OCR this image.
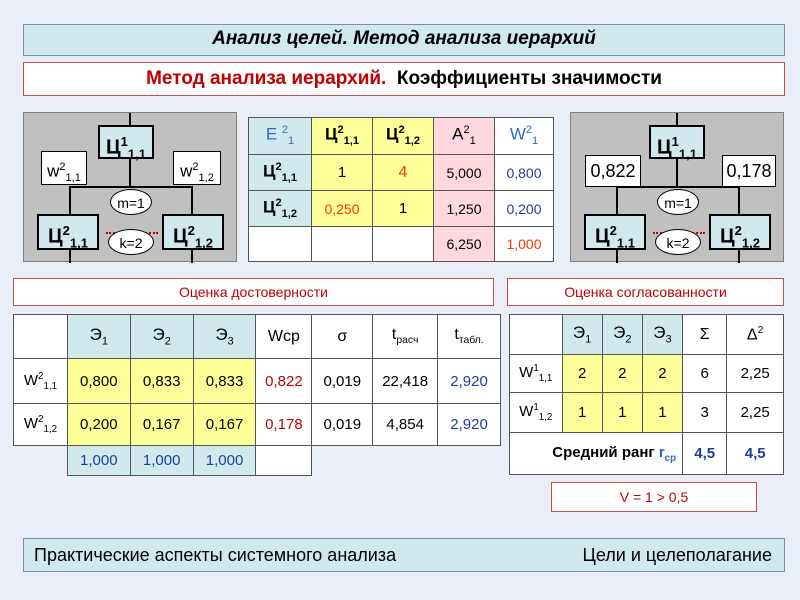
Анализ целей. Метод анализа иерархий
Метод анализа иерархий. Коэффициенты значимости
$Ц^1_{1,1}$
$w^2_{1,1}$	$w^2_{1,2}$
m=1
k=2
$Ц^2_{1,1}$	$Ц^2_{1,2}$
$Ц^1_{1,1}$
0,822	0,178
m=1
k=2
$Ц^2_{1,1}$	$Ц^2_{1,2}$
E $^2_1$	$Ц^2_{1,1}$	$Ц^2_{1,2}$	$A^2_1$	$W^2_1$
$Ц^2_{1,1}$	1	4	5,000	0,800
$Ц^2_{1,2}$	0,250	1	1,250	0,200
			6,250	1,000
Оценка достоверности	Оценка согласованности
	$Э_1$	$Э_2$	$Э_3$	Wср	σ	$t_{расч}$	$t_{табл.}$
$W^2_{1,1}$	0,800	0,833	0,833	0,822	0,019	22,418	2,920
$W^2_{1,2}$	0,200	0,167	0,167	0,178	0,019	4,854	2,920
	1,000	1,000	1,000				
	$Э_1$	$Э_2$	$Э_3$	Σ	$\Delta^2$
$W^1_{1,1}$	2	2	2	6	2,25
$W^1_{1,2}$	1	1	1	3	2,25
Средний ранг $r_{ср}$				4,5	4,5
V = 1 > 0,5
Практические аспекты системного анализа	Цели и целеполагание
